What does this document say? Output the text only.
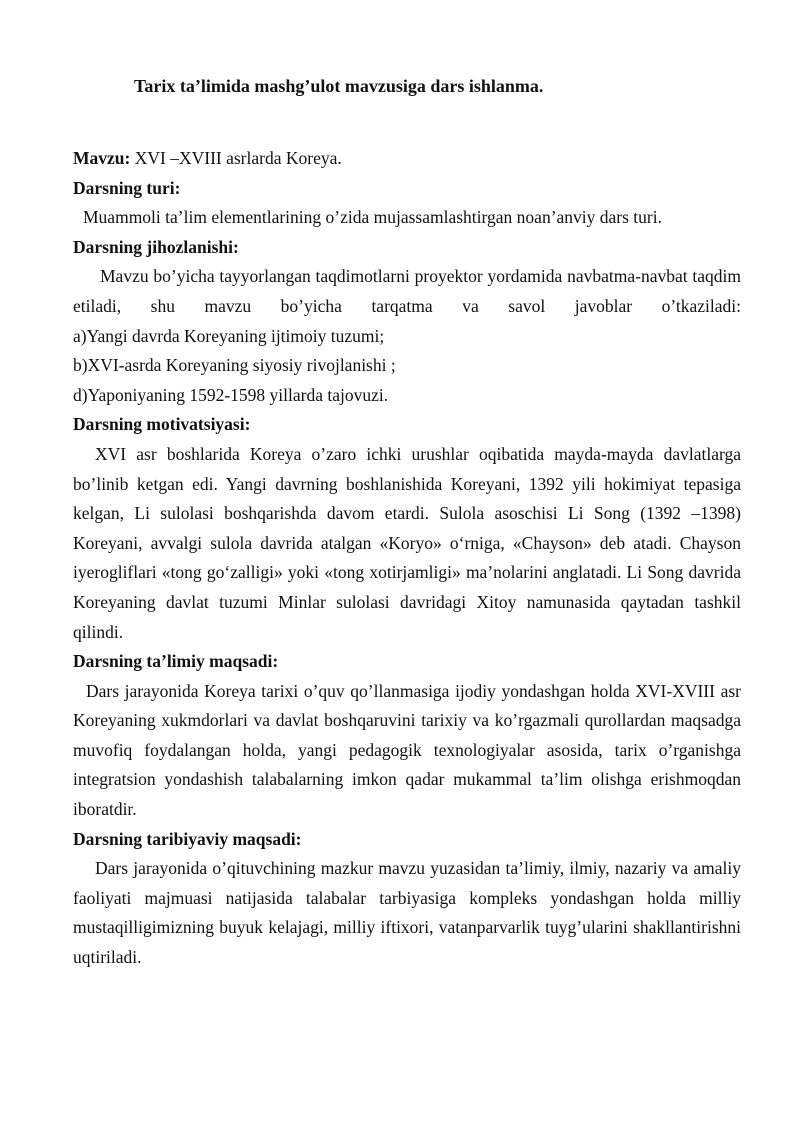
Tarix ta’limida mashg’ulot mavzusiga dars ishlanma.

Mavzu: XVI –XVIII asrlarda Koreya.

Darsning turi:

Muammoli ta’lim elementlarining o’zida mujassamlashtirgan noan’anviy dars turi.

Darsning jihozlanishi:

Mavzu bo’yicha tayyorlangan taqdimotlarni proyektor yordamida navbatma-navbat taqdim etiladi, shu mavzu bo’yicha tarqatma va savol javoblar o’tkaziladi:

a)Yangi davrda Koreyaning ijtimoiy tuzumi;

b)XVI-asrda Koreyaning siyosiy rivojlanishi ;

d)Yaponiyaning 1592-1598 yillarda tajovuzi.

Darsning motivatsiyasi:

XVI asr boshlarida Koreya o’zaro ichki urushlar oqibatida mayda-mayda davlatlarga bo’linib ketgan edi. Yangi davrning boshlanishida Koreyani, 1392 yili hokimiyat tepasiga kelgan, Li sulolasi boshqarishda davom etardi. Sulola asoschisi Li Song (1392 –1398) Koreyani, avvalgi sulola davrida atalgan «Koryo» o‘rniga, «Chayson» deb atadi. Chayson iyerogliflari «tong go‘zalligi» yoki «tong xotirjamligi» ma’nolarini anglatadi. Li Song davrida Koreyaning davlat tuzumi Minlar sulolasi davridagi Xitoy namunasida qaytadan tashkil qilindi.

Darsning ta’limiy maqsadi:

Dars jarayonida Koreya tarixi o’quv qo’llanmasiga ijodiy yondashgan holda XVI-XVIII asr Koreyaning xukmdorlari va davlat boshqaruvini tarixiy va ko’rgazmali qurollardan maqsadga muvofiq foydalangan holda, yangi pedagogik texnologiyalar asosida, tarix o’rganishga integratsion yondashish talabalarning imkon qadar mukammal ta’lim olishga erishmoqdan iboratdir.

Darsning taribiyaviy maqsadi:

Dars jarayonida o’qituvchining mazkur mavzu yuzasidan ta’limiy, ilmiy, nazariy va amaliy faoliyati majmuasi natijasida talabalar tarbiyasiga kompleks yondashgan holda milliy mustaqilligimizning buyuk kelajagi, milliy iftixori, vatanparvarlik tuyg’ularini shakllantirishni uqtiriladi.
